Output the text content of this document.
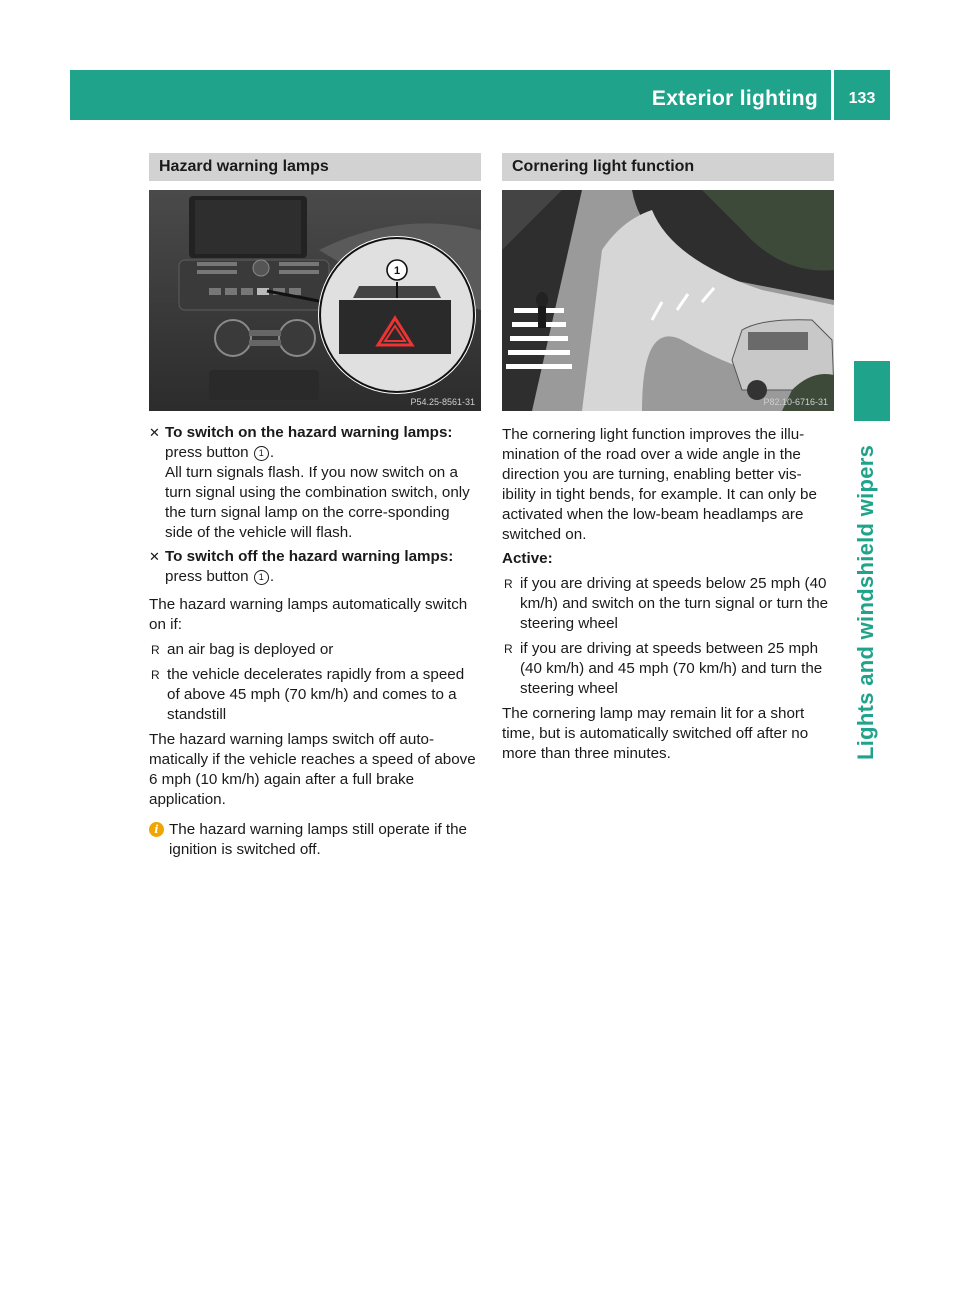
Exterior lighting	133
Lights and windshield wipers
Hazard warning lamps
1
P54.25-8561-31
✕ To switch on the hazard warning lamps:
press button 1 .
All turn signals flash. If you now switch on a turn signal using the combination switch, only the turn signal lamp on the corre-sponding side of the vehicle will flash.
✕ To switch off the hazard warning lamps:
press button 1 .

The hazard warning lamps automatically switch on if:

R an air bag is deployed or
R the vehicle decelerates rapidly from a speed of above 45 mph (70 km/h) and comes to a standstill

The hazard warning lamps switch off auto-matically if the vehicle reaches a speed of above 6 mph (10 km/h) again after a full brake application.

i The hazard warning lamps still operate if the ignition is switched off.
Cornering light function
P82.10-6716-31

The cornering light function improves the illu-mination of the road over a wide angle in the direction you are turning, enabling better vis-ibility in tight bends, for example. It can only be activated when the low-beam headlamps are switched on.

Active:
R if you are driving at speeds below 25 mph (40 km/h) and switch on the turn signal or turn the steering wheel
R if you are driving at speeds between 25 mph (40 km/h) and 45 mph (70 km/h) and turn the steering wheel

The cornering lamp may remain lit for a short time, but is automatically switched off after no more than three minutes.
